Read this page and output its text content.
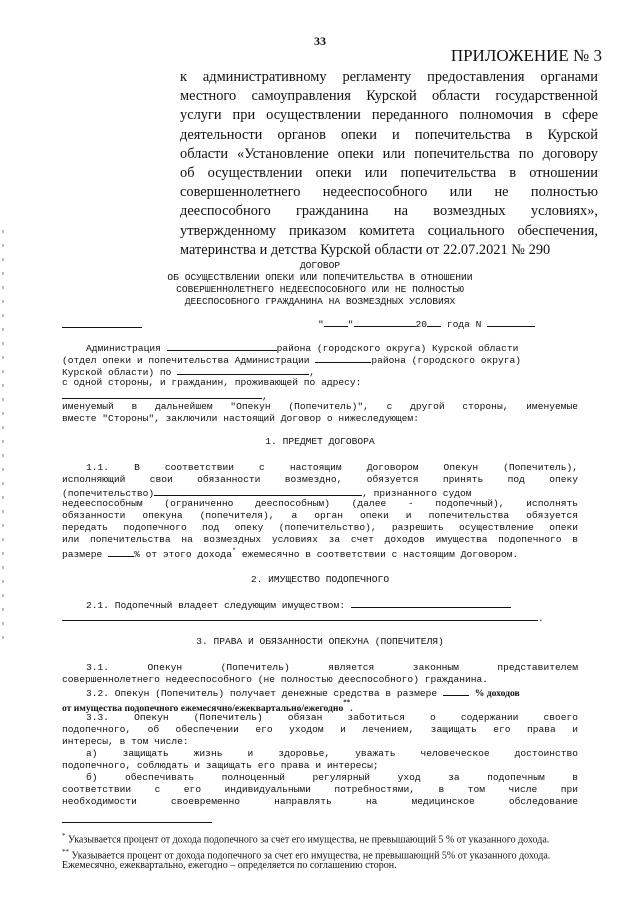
33
ПРИЛОЖЕНИЕ № 3
к административному регламенту предоставления органами
местного самоуправления Курской области государственной
услуги при осуществлении переданного полномочия в сфере
деятельности органов опеки и попечительства в Курской
области «Установление опеки или попечительства по договору
об осуществлении опеки или попечительства в отношении
совершеннолетнего недееспособного или не полностью
дееспособного гражданина на возмездных условиях»,
утвержденному приказом комитета социального обеспечения,
материнства и детства Курской области от 22.07.2021 № 290
ДОГОВОР
ОБ ОСУЩЕСТВЛЕНИИ ОПЕКИ ИЛИ ПОПЕЧИТЕЛЬСТВА В ОТНОШЕНИИ
СОВЕРШЕННОЛЕТНЕГО НЕДЕЕСПОСОБНОГО ИЛИ НЕ ПОЛНОСТЬЮ
ДЕЕСПОСОБНОГО ГРАЖДАНИНА НА ВОЗМЕЗДНЫХ УСЛОВИЯХ
"	"	20 года N
Администрация	района (городского округа) Курской области
(отдел опеки и попечительства Администрации	района (городского округа)
Курской области) по	,
с одной стороны, и гражданин, проживающей по адресу:
,
именуемый в дальнейшем "Опекун (Попечитель)", с другой стороны, именуемые
вместе "Стороны", заключили настоящий Договор о нижеследующем:
1. ПРЕДМЕТ ДОГОВОРА
1.1. В соответствии с настоящим Договором Опекун (Попечитель),
исполняющий свои обязанности возмездно, обязуется принять под опеку
(попечительство)	, признанного судом
недееспособным (ограниченно дееспособным) (далее - подопечный), исполнять
обязанности опекуна (попечителя), а орган опеки и попечительства обязуется
передать подопечного под опеку (попечительство), разрешить осуществление опеки
или попечительства на возмездных условиях за счет доходов имущества подопечного в
размере	% от этого дохода* ежемесячно в соответствии с настоящим Договором.
2. ИМУЩЕСТВО ПОДОПЕЧНОГО
2.1. Подопечный владеет следующим имуществом:
.
3. ПРАВА И ОБЯЗАННОСТИ ОПЕКУНА (ПОПЕЧИТЕЛЯ)
3.1. Опекун (Попечитель) является законным представителем
совершеннолетнего недееспособного (не полностью дееспособного) гражданина.
3.2. Опекун (Попечитель) получает денежные средства в размере	% доходов
от имущества подопечного ежемесячно/ежеквартально/ежегодно**.
3.3. Опекун (Попечитель) обязан заботиться о содержании своего
подопечного, об обеспечении его уходом и лечением, защищать его права и
интересы, в том числе:
а) защищать жизнь и здоровье, уважать человеческое достоинство
подопечного, соблюдать и защищать его права и интересы;
б) обеспечивать полноценный регулярный уход за подопечным в
соответствии с его индивидуальными потребностями, в том числе при
необходимости своевременно направлять на медицинское обследование
* Указывается процент от дохода подопечного за счет его имущества, не превышающий 5 % от указанного дохода.
** Указывается процент от дохода подопечного за счет его имущества, не превышающий 5% от указанного дохода.
Ежемесячно, ежеквартально, ежегодно – определяется по соглашению сторон.
